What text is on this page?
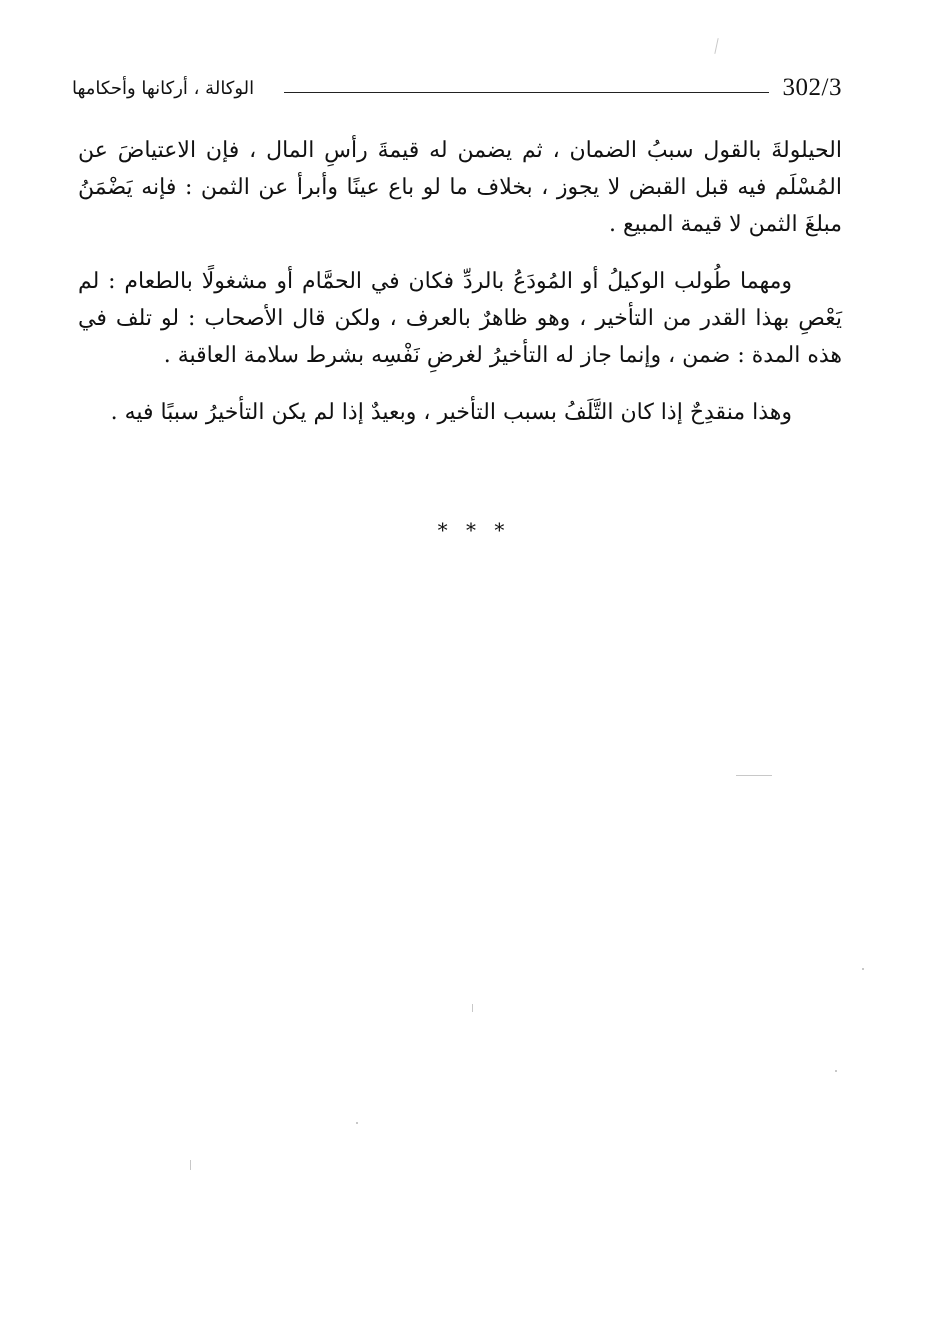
الوكالة ، أركانها وأحكامها	302/3

الحيلولةَ بالقول سببُ الضمان ، ثم يضمن له قيمةَ رأسِ المال ، فإن الاعتياضَ عن المُسْلَم فيه قبل القبض لا يجوز ، بخلاف ما لو باع عينًا وأبرأ عن الثمن : فإنه يَضْمَنُ مبلغَ الثمن لا قيمة المبيع .

ومهما طُولب الوكيلُ أو المُودَعُ بالردِّ فكان في الحمَّام أو مشغولًا بالطعام : لم يَعْصِ بهذا القدر من التأخير ، وهو ظاهرٌ بالعرف ، ولكن قال الأصحاب : لو تلف في هذه المدة : ضمن ، وإنما جاز له التأخيرُ لغرضِ نَفْسِه بشرط سلامة العاقبة .

وهذا منقدِحٌ إذا كان التَّلَفُ بسبب التأخير ، وبعيدٌ إذا لم يكن التأخيرُ سببًا فيه .

* * *
